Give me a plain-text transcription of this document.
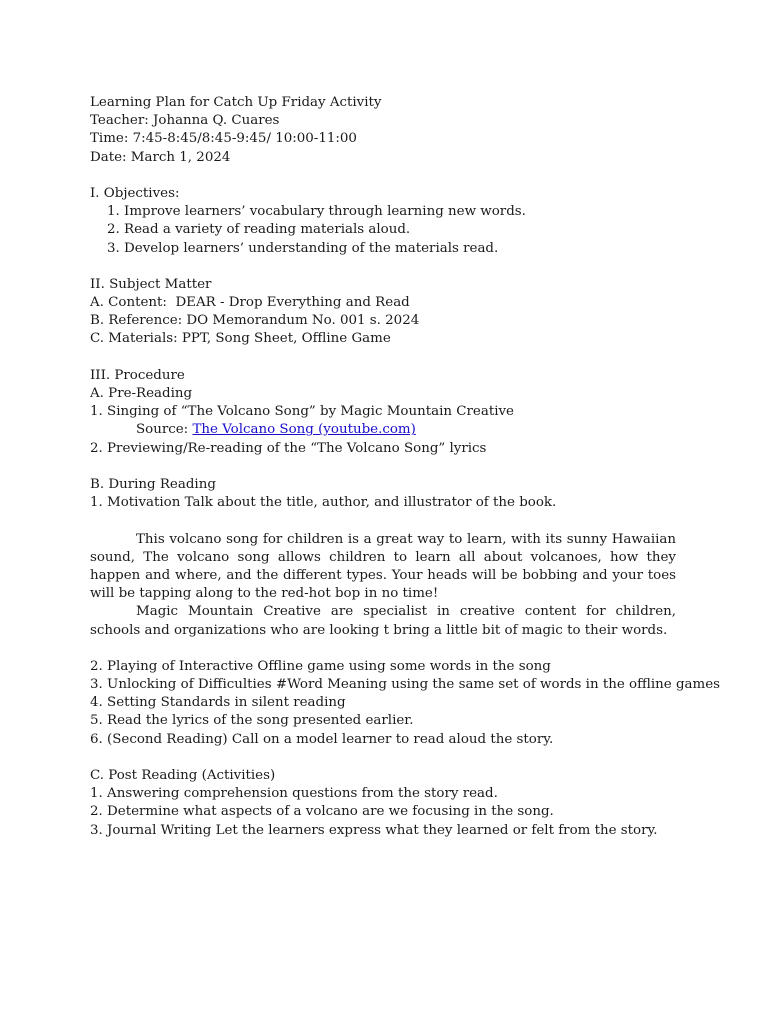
Learning Plan for Catch Up Friday Activity
Teacher: Johanna Q. Cuares
Time: 7:45-8:45/8:45-9:45/ 10:00-11:00
Date: March 1, 2024
I. Objectives:
1. Improve learners’ vocabulary through learning new words.
2. Read a variety of reading materials aloud.
3. Develop learners’ understanding of the materials read.
II. Subject Matter
A. Content:  DEAR - Drop Everything and Read
B. Reference: DO Memorandum No. 001 s. 2024
C. Materials: PPT, Song Sheet, Offline Game
III. Procedure
A. Pre-Reading
1. Singing of “The Volcano Song” by Magic Mountain Creative
Source: The Volcano Song (youtube.com)
2. Previewing/Re-reading of the “The Volcano Song” lyrics
B. During Reading
1. Motivation Talk about the title, author, and illustrator of the book.
This volcano song for children is a great way to learn, with its sunny Hawaiian sound, The volcano song allows children to learn all about volcanoes, how they happen and where, and the different types. Your heads will be bobbing and your toes will be tapping along to the red-hot bop in no time!
Magic Mountain Creative are specialist in creative content for children, schools and organizations who are looking t bring a little bit of magic to their words.
2. Playing of Interactive Offline game using some words in the song
3. Unlocking of Difficulties #Word Meaning using the same set of words in the offline games
4. Setting Standards in silent reading
5. Read the lyrics of the song presented earlier.
6. (Second Reading) Call on a model learner to read aloud the story.
C. Post Reading (Activities)
1. Answering comprehension questions from the story read.
2. Determine what aspects of a volcano are we focusing in the song.
3. Journal Writing Let the learners express what they learned or felt from the story.
